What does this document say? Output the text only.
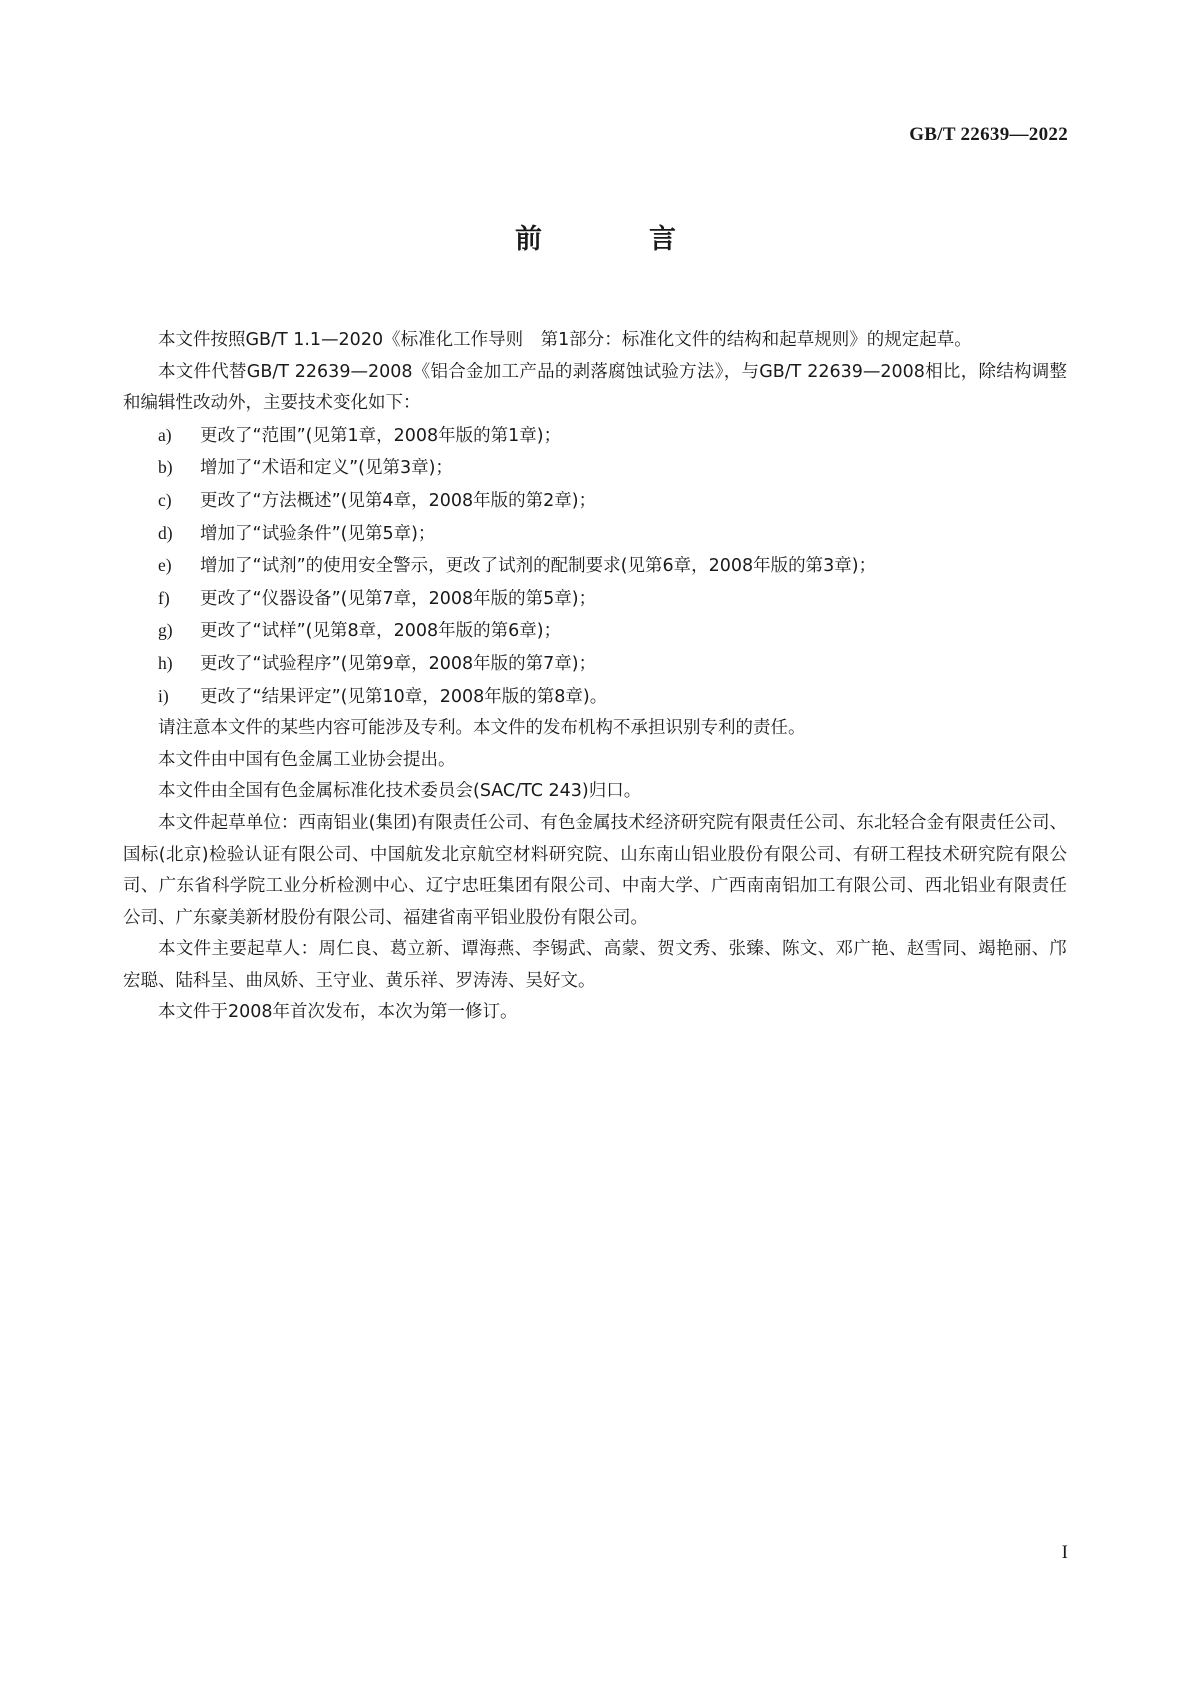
GB/T 22639—2022
前　言

本文件按照GB/T 1.1—2020《标准化工作导则　第1部分：标准化文件的结构和起草规则》的规定起草。

本文件代替GB/T 22639—2008《铝合金加工产品的剥落腐蚀试验方法》，与GB/T 22639—2008相比，除结构调整和编辑性改动外，主要技术变化如下：

a) 更改了“范围”(见第1章，2008年版的第1章)；

b) 增加了“术语和定义”(见第3章)；

c) 更改了“方法概述”(见第4章，2008年版的第2章)；

d) 增加了“试验条件”(见第5章)；

e) 增加了“试剂”的使用安全警示，更改了试剂的配制要求(见第6章，2008年版的第3章)；

f) 更改了“仪器设备”(见第7章，2008年版的第5章)；

g) 更改了“试样”(见第8章，2008年版的第6章)；

h) 更改了“试验程序”(见第9章，2008年版的第7章)；

i) 更改了“结果评定”(见第10章，2008年版的第8章)。

请注意本文件的某些内容可能涉及专利。本文件的发布机构不承担识别专利的责任。

本文件由中国有色金属工业协会提出。

本文件由全国有色金属标准化技术委员会(SAC/TC 243)归口。

本文件起草单位：西南铝业(集团)有限责任公司、有色金属技术经济研究院有限责任公司、东北轻合金有限责任公司、国标(北京)检验认证有限公司、中国航发北京航空材料研究院、山东南山铝业股份有限公司、有研工程技术研究院有限公司、广东省科学院工业分析检测中心、辽宁忠旺集团有限公司、中南大学、广西南南铝加工有限公司、西北铝业有限责任公司、广东豪美新材股份有限公司、福建省南平铝业股份有限公司。

本文件主要起草人：周仁良、葛立新、谭海燕、李锡武、高蒙、贺文秀、张臻、陈文、邓广艳、赵雪同、竭艳丽、邝宏聪、陆科呈、曲凤娇、王守业、黄乐祥、罗涛涛、吴好文。

本文件于2008年首次发布，本次为第一修订。

I
